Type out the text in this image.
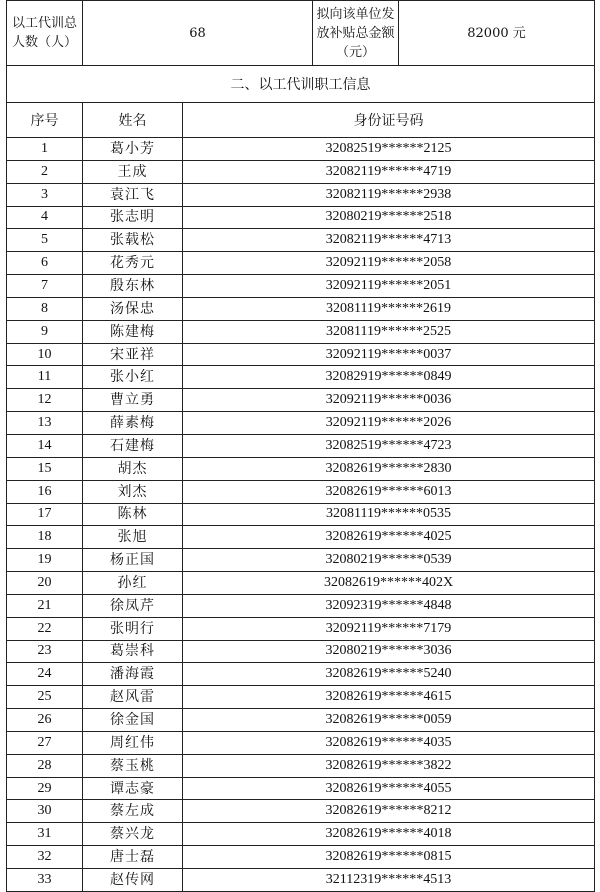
以工代训总人数（人）	68		拟向该单位发放补贴总金额（元）	82000 元
二、以工代训职工信息				
序号	姓名	身份证号码		
1	葛小芳	32082519******2125		
2	王成	32082119******4719		
3	袁江飞	32082119******2938		
4	张志明	32080219******2518		
5	张载松	32082119******4713		
6	花秀元	32092119******2058		
7	殷东林	32092119******2051		
8	汤保忠	32081119******2619		
9	陈建梅	32081119******2525		
10	宋亚祥	32092119******0037		
11	张小红	32082919******0849		
12	曹立勇	32092119******0036		
13	薛素梅	32092119******2026		
14	石建梅	32082519******4723		
15	胡杰	32082619******2830		
16	刘杰	32082619******6013		
17	陈林	32081119******0535		
18	张旭	32082619******4025		
19	杨正国	32080219******0539		
20	孙红	32082619******402X		
21	徐凤芹	32092319******4848		
22	张明行	32092119******7179		
23	葛崇科	32080219******3036		
24	潘海霞	32082619******5240		
25	赵风雷	32082619******4615		
26	徐金国	32082619******0059		
27	周红伟	32082619******4035		
28	蔡玉桃	32082619******3822		
29	谭志豪	32082619******4055		
30	蔡左成	32082619******8212		
31	蔡兴龙	32082619******4018		
32	唐士磊	32082619******0815		
33	赵传网	32112319******4513		
